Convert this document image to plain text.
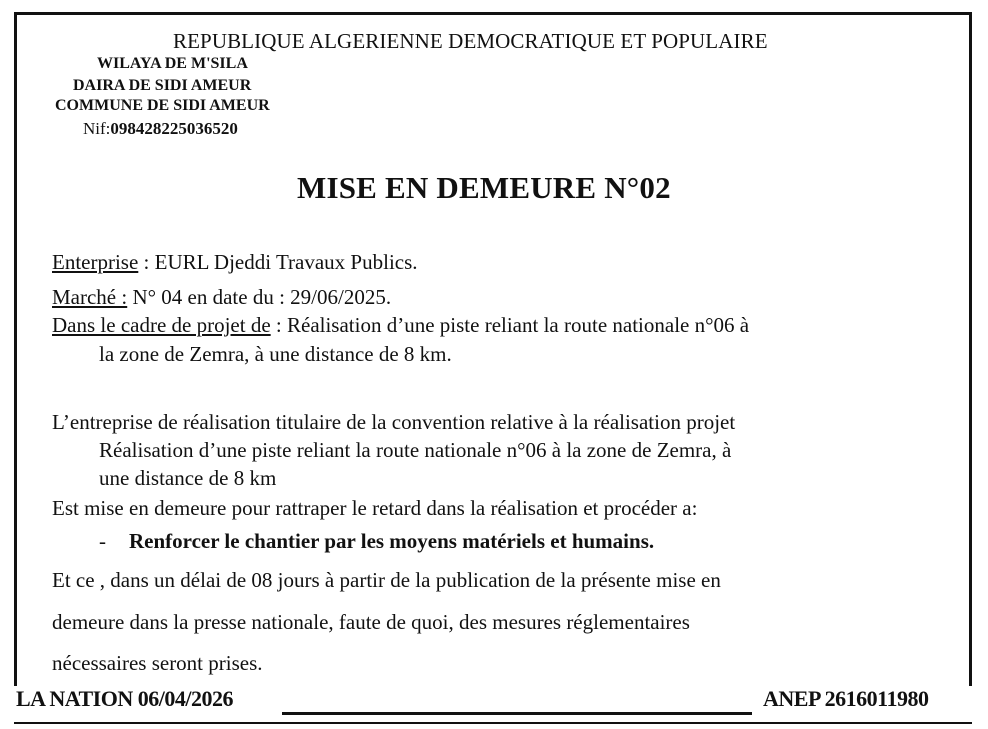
REPUBLIQUE ALGERIENNE DEMOCRATIQUE ET POPULAIRE
WILAYA DE M'SILA
DAIRA DE SIDI AMEUR
COMMUNE DE SIDI AMEUR
Nif:098428225036520
MISE EN DEMEURE N°02
Enterprise : EURL Djeddi Travaux Publics.
Marché : N° 04 en date du : 29/06/2025.
Dans le cadre de projet de : Réalisation d’une piste reliant la route nationale n°06 à
la zone de Zemra, à une distance de 8 km.
L’entreprise de réalisation titulaire de la convention relative à la réalisation projet
Réalisation d’une piste reliant la route nationale n°06 à la zone de Zemra, à
une distance de 8 km
Est mise en demeure pour rattraper le retard dans la réalisation et procéder a:
- Renforcer le chantier par les moyens matériels et humains.
Et ce , dans un délai de 08 jours à partir de la publication de la présente mise en
demeure dans la presse nationale, faute de quoi, des mesures réglementaires
nécessaires seront prises.
LA NATION 06/04/2026	ANEP 2616011980
